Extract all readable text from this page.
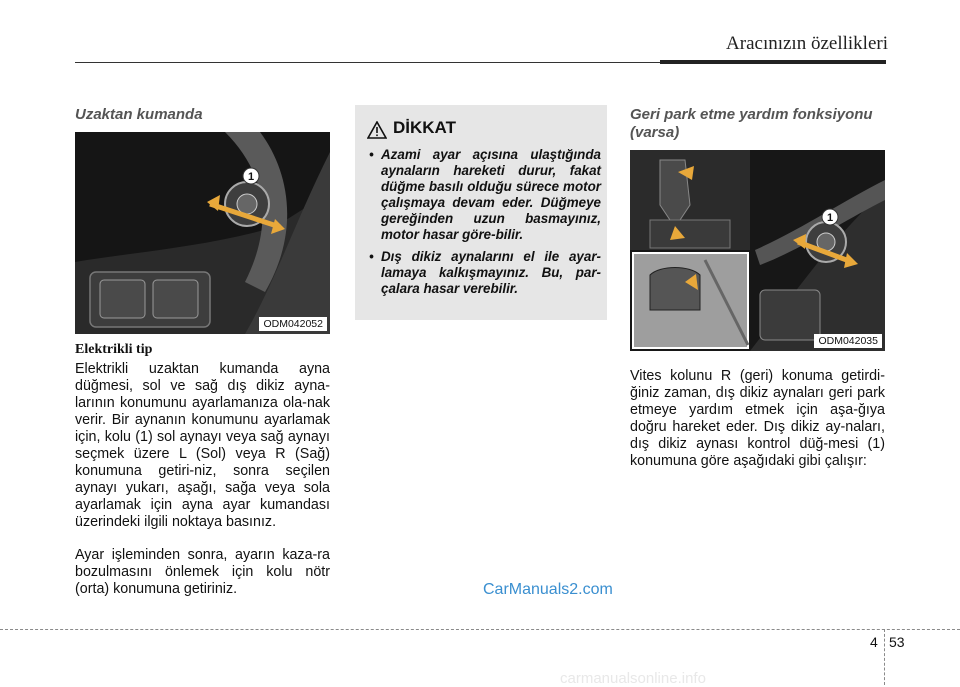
Aracınızın özellikleri
Uzaktan kumanda
1
ODM042052
Elektrikli tip

Elektrikli uzaktan kumanda ayna düğmesi, sol ve sağ dış dikiz ayna-larının konumunu ayarlamanıza ola-nak verir. Bir aynanın konumunu ayarlamak için, kolu (1) sol aynayı veya sağ aynayı seçmek üzere L (Sol) veya R (Sağ) konumuna getiri-niz, sonra seçilen aynayı yukarı, aşağı, sağa veya sola ayarlamak için ayna ayar kumandası üzerindeki ilgili noktaya basınız.

Ayar işleminden sonra, ayarın kaza-ra bozulmasını önlemek için kolu nötr (orta) konumuna getiriniz.

DİKKAT
• Azami ayar açısına ulaştığında aynaların hareketi durur, fakat düğme basılı olduğu sürece motor çalışmaya devam eder. Düğmeye gereğinden uzun basmayınız, motor hasar göre-bilir.
• Dış dikiz aynalarını el ile ayar-lamaya kalkışmayınız. Bu, par-çalara hasar verebilir.
Geri park etme yardım fonksiyonu (varsa)
1
ODM042035

Vites kolunu R (geri) konuma getirdi-ğiniz zaman, dış dikiz aynaları geri park etmeye yardım etmek için aşa-ğıya doğru hareket eder. Dış dikiz ay-naları, dış dikiz aynası kontrol düğ-mesi (1) konumuna göre aşağıdaki gibi çalışır:

CarManuals2.com
4 53
carmanualsonline.info
